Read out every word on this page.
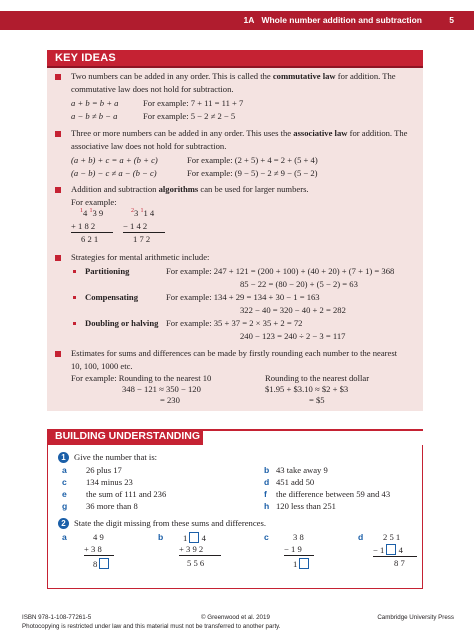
1A Whole number addition and subtraction	5
KEY IDEAS
Two numbers can be added in any order. This is called the commutative law for addition. The
commutative law does not hold for subtraction.
a + b = b + a	For example: 7 + 11 = 11 + 7
a − b ≠ b − a	For example: 5 − 2 ≠ 2 − 5
Three or more numbers can be added in any order. This uses the associative law for addition. The
associative law does not hold for subtraction.
(a + b) + c = a + (b + c)	For example: (2 + 5) + 4 = 2 + (5 + 4)
(a − b) − c ≠ a − (b − c)	For example: (9 − 5) − 2 ≠ 9 − (5 − 2)
Addition and subtraction algorithms can be used for larger numbers.
For example:
$^1$4 $^1$3 9
+ 1 8 2
6 2 1
$^2$3 $^1$1 4
− 1 4 2
1 7 2
Strategies for mental arithmetic include:
Partitioning	For example: 247 + 121 = (200 + 100) + (40 + 20) + (7 + 1) = 368
85 − 22 = (80 − 20) + (5 − 2) = 63
Compensating	For example: 134 + 29 = 134 + 30 − 1 = 163
322 − 40 = 320 − 40 + 2 = 282
Doubling or halving For example: 35 + 37 = 2 × 35 + 2 = 72
240 − 123 = 240 ÷ 2 − 3 = 117
Estimates for sums and differences can be made by firstly rounding each number to the nearest
10, 100, 1000 etc.
For example: Rounding to the nearest 10
348 − 121 ≈ 350 − 120
= 230
Rounding to the nearest dollar
$1.95 + $3.10 ≈ $2 + $3
= $5
BUILDING UNDERSTANDING
1 Give the number that is:
a 26 plus 17	b 43 take away 9
c 134 minus 23	d 451 add 50
e the sum of 111 and 236	f the difference between 59 and 43
g 36 more than 8	h 120 less than 251
2 State the digit missing from these sums and differences.
a	4 9
+ 3 8
8
b 1 4
+ 3 9 2
5 5 6
c	3 8
− 1 9
1
d 2 5 1
− 1 4
8 7
ISBN 978-1-108-77261-5	© Greenwood et al. 2019	Cambridge University Press
Photocopying is restricted under law and this material must not be transferred to another party.
